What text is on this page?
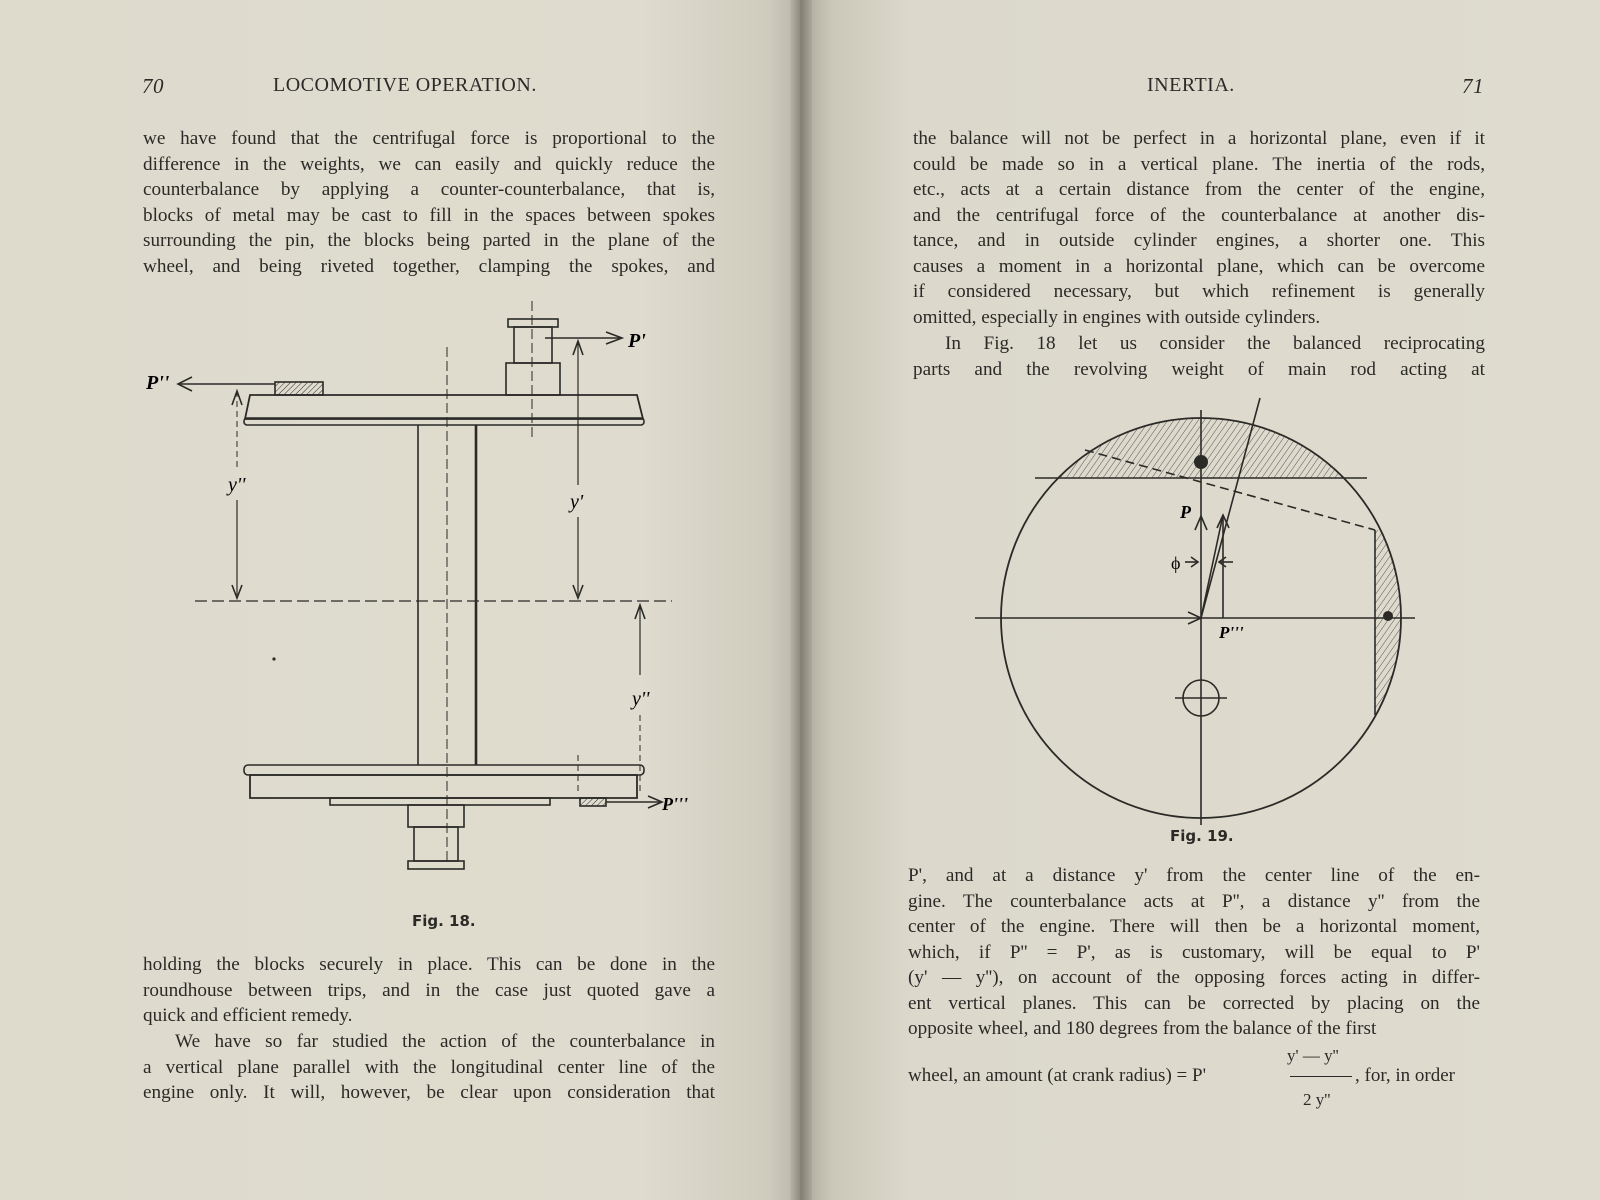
70	LOCOMOTIVE OPERATION.
we have found that the centrifugal force is proportional to the
difference in the weights, we can easily and quickly reduce the
counterbalance by applying a counter-counterbalance, that is,
blocks of metal may be cast to fill in the spaces between spokes
surrounding the pin, the blocks being parted in the plane of the
wheel, and being riveted together, clamping the spokes, and
P'
P''
P'''
y''
y'
y''
Fig. 18.
holding the blocks securely in place. This can be done in the
roundhouse between trips, and in the case just quoted gave a
quick and efficient remedy.
We have so far studied the action of the counterbalance in
a vertical plane parallel with the longitudinal center line of the
engine only. It will, however, be clear upon consideration that
INERTIA.	71
the balance will not be perfect in a horizontal plane, even if it
could be made so in a vertical plane. The inertia of the rods,
etc., acts at a certain distance from the center of the engine,
and the centrifugal force of the counterbalance at another dis-
tance, and in outside cylinder engines, a shorter one. This
causes a moment in a horizontal plane, which can be overcome
if considered necessary, but which refinement is generally
omitted, especially in engines with outside cylinders.
In Fig. 18 let us consider the balanced reciprocating
parts and the revolving weight of main rod acting at
P
ϕ
P'''
Fig. 19.
P', and at a distance y' from the center line of the en-
gine. The counterbalance acts at P'', a distance y'' from the
center of the engine. There will then be a horizontal moment,
which, if P'' = P', as is customary, will be equal to P'
(y' — y''), on account of the opposing forces acting in differ-
ent vertical planes. This can be corrected by placing on the
opposite wheel, and 180 degrees from the balance of the first
wheel, an amount (at crank radius) = P'
y' — y''
2 y''
, for, in order
